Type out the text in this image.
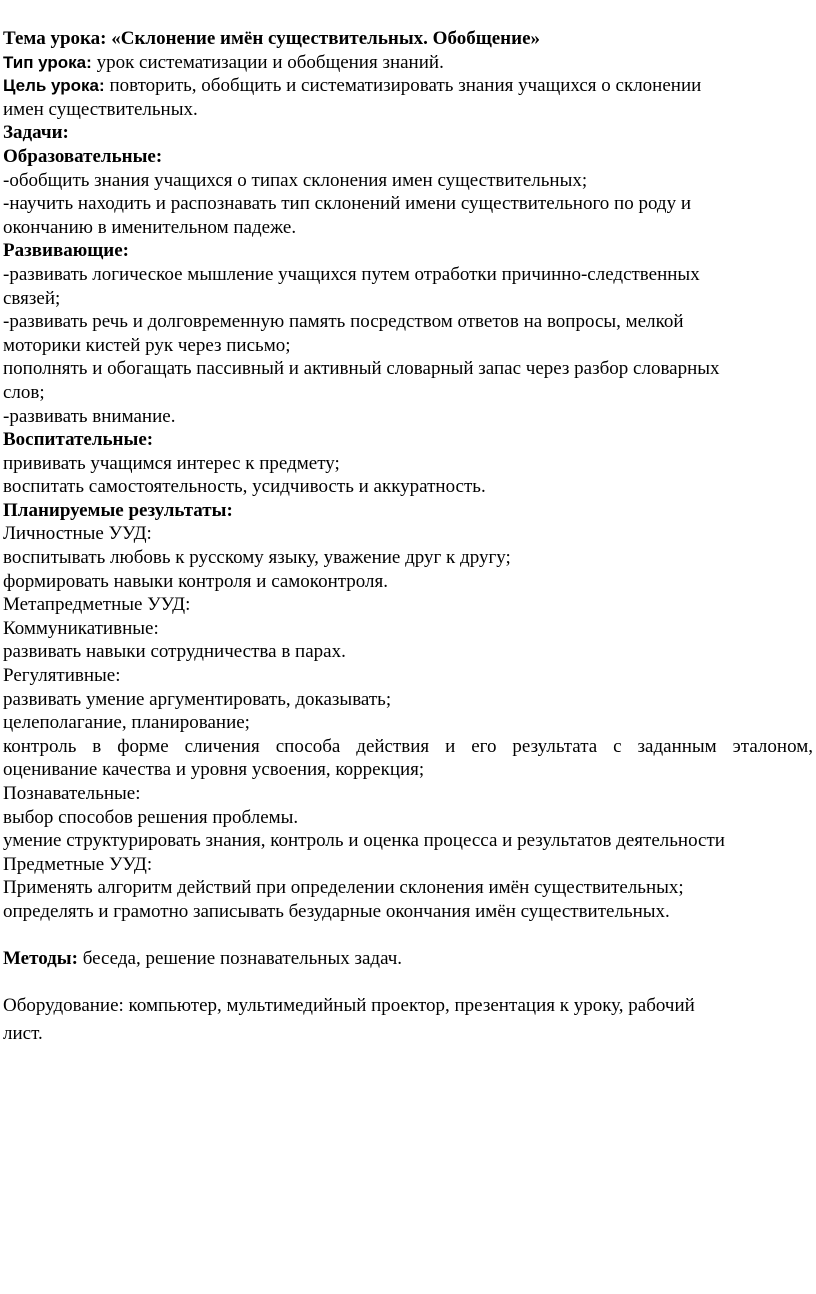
Тема урока: «Склонение имён существительных. Обобщение»
Тип урока: урок систематизации и обобщения знаний.
Цель урока: повторить, обобщить и систематизировать знания учащихся о склонении
имен существительных.
Задачи:
Образовательные:
-обобщить знания учащихся о типах склонения имен существительных;
-научить находить и распознавать тип склонений имени существительного по роду и
окончанию в именительном падеже.
Развивающие:
-развивать логическое мышление учащихся путем отработки причинно-следственных
связей;
-развивать речь и долговременную память посредством ответов на вопросы, мелкой
моторики кистей рук через письмо;
пополнять и обогащать пассивный и активный словарный запас через разбор словарных
слов;
-развивать внимание.
Воспитательные:
прививать учащимся интерес к предмету;
воспитать самостоятельность, усидчивость и аккуратность.
Планируемые результаты:
Личностные УУД:
воспитывать любовь к русскому языку, уважение друг к другу;
формировать навыки контроля и самоконтроля.
Метапредметные УУД:
Коммуникативные:
развивать навыки сотрудничества в парах.
Регулятивные:
развивать умение аргументировать, доказывать;
целеполагание, планирование;
контроль в форме сличения способа действия и его результата с заданным эталоном,
оценивание качества и уровня усвоения, коррекция;
Познавательные:
выбор способов решения проблемы.
умение структурировать знания, контроль и оценка процесса и результатов деятельности
Предметные УУД:
Применять алгоритм действий при определении склонения имён существительных;
определять и грамотно записывать безударные окончания имён существительных.
Методы: беседа, решение познавательных задач.
Оборудование: компьютер, мультимедийный проектор, презентация к уроку, рабочий
лист.
